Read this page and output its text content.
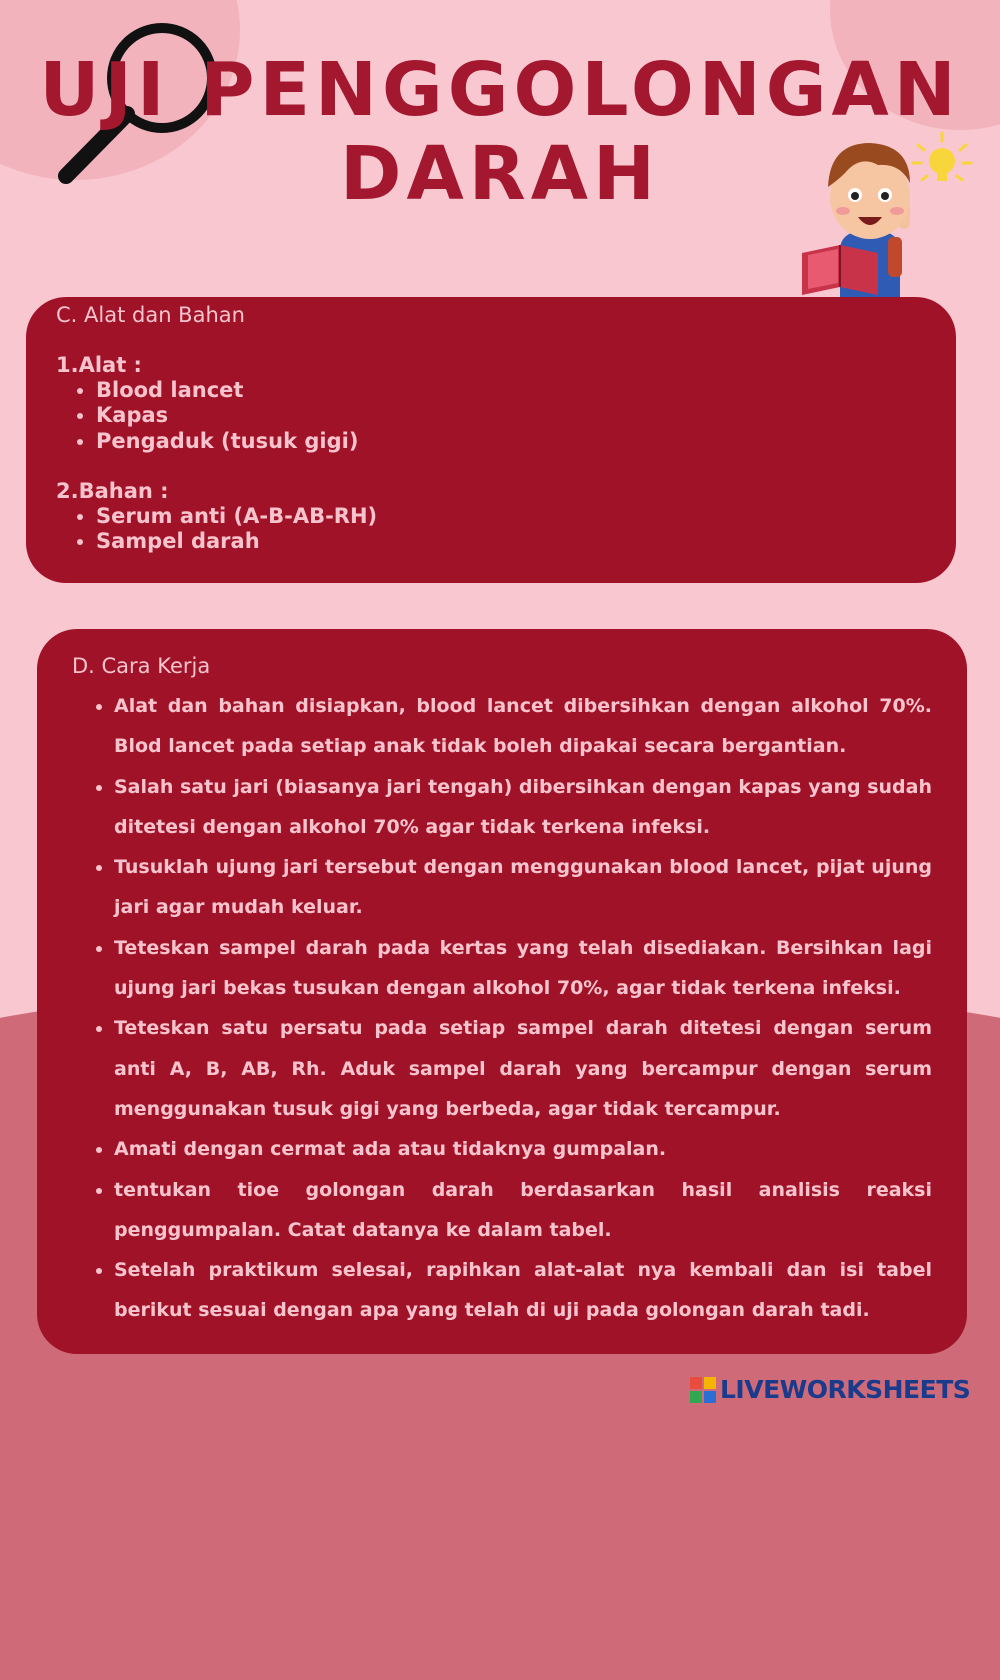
UJI PENGGOLONGAN
DARAH

C. Alat dan Bahan

1.Alat :

• Blood lancet
• Kapas
• Pengaduk (tusuk gigi)

2.Bahan :

• Serum anti (A-B-AB-RH)
• Sampel darah

D. Cara Kerja

• Alat dan bahan disiapkan, blood lancet dibersihkan dengan alkohol 70%. Blod lancet pada setiap anak tidak boleh dipakai secara bergantian.
• Salah satu jari (biasanya jari tengah) dibersihkan dengan kapas yang sudah ditetesi dengan alkohol 70% agar tidak terkena infeksi.
• Tusuklah ujung jari tersebut dengan menggunakan blood lancet, pijat ujung jari agar mudah keluar.
• Teteskan sampel darah pada kertas yang telah disediakan. Bersihkan lagi ujung jari bekas tusukan dengan alkohol 70%, agar tidak terkena infeksi.
• Teteskan satu persatu pada setiap sampel darah ditetesi dengan serum anti A, B, AB, Rh. Aduk sampel darah yang bercampur dengan serum menggunakan tusuk gigi yang berbeda, agar tidak tercampur.
• Amati dengan cermat ada atau tidaknya gumpalan.
• tentukan tioe golongan darah berdasarkan hasil analisis reaksi penggumpalan. Catat datanya ke dalam tabel.
• Setelah praktikum selesai, rapihkan alat-alat nya kembali dan isi tabel berikut sesuai dengan apa yang telah di uji pada golongan darah tadi.
LIVEWORKSHEETS
